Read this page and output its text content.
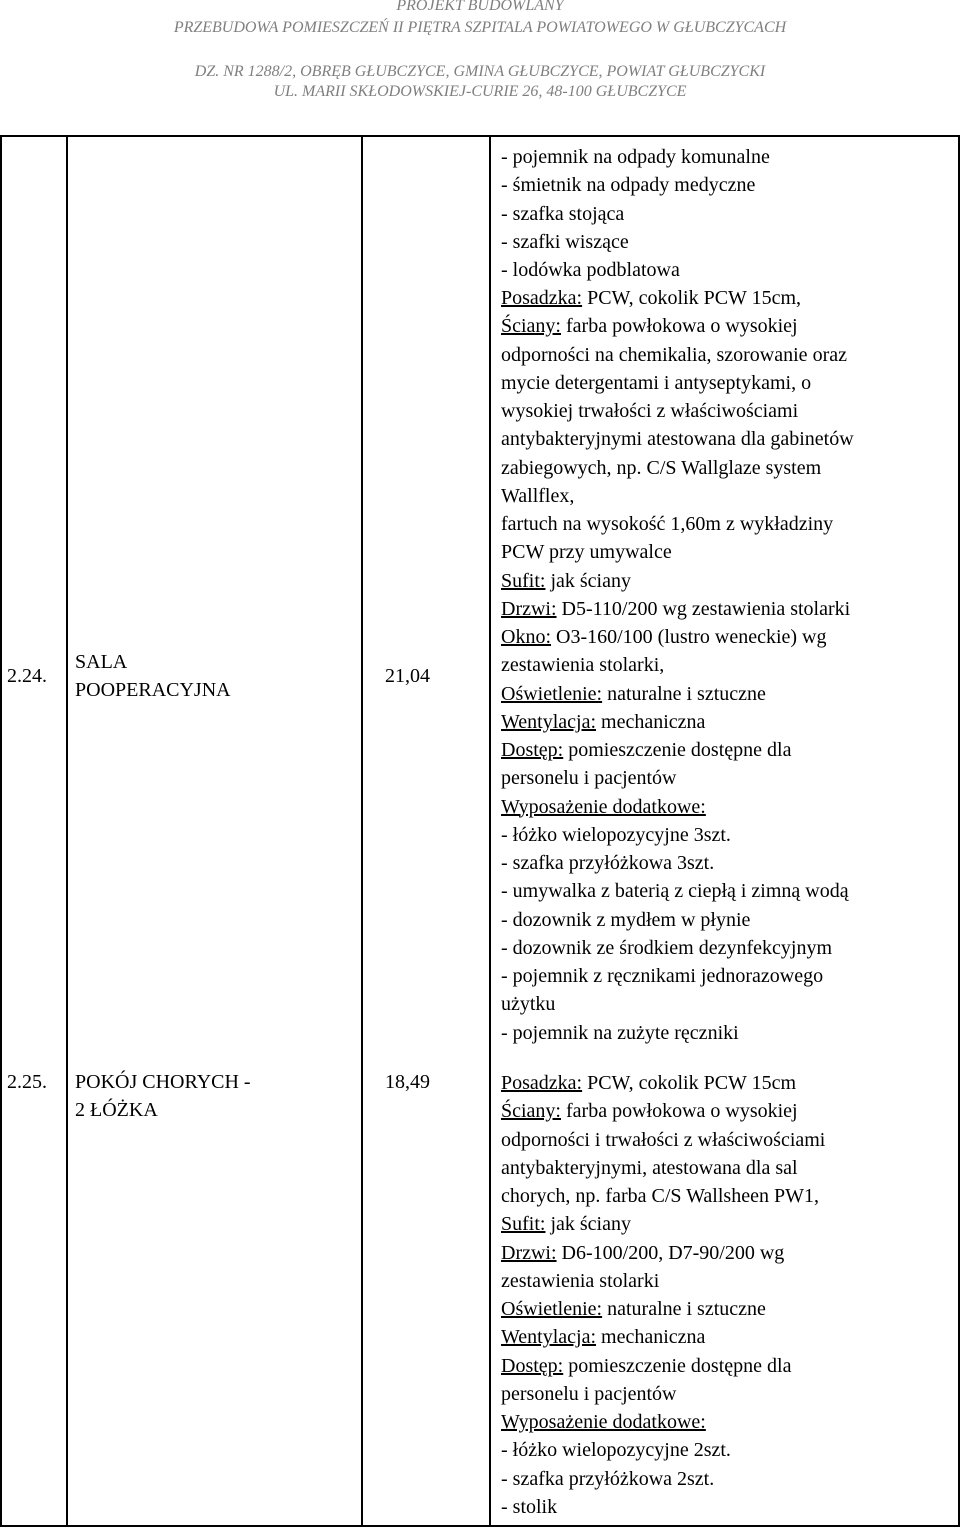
PROJEKT BUDOWLANY
PRZEBUDOWA POMIESZCZEŃ II PIĘTRA SZPITALA POWIATOWEGO W GŁUBCZYCACH
DZ. NR 1288/2, OBRĘB GŁUBCZYCE, GMINA GŁUBCZYCE, POWIAT GŁUBCZYCKI
UL. MARII SKŁODOWSKIEJ-CURIE 26, 48-100 GŁUBCZYCE
- pojemnik na odpady komunalne
- śmietnik na odpady medyczne
- szafka stojąca
- szafki wiszące
- lodówka podblatowa
2.24.
SALA
POOPERACYJNA
21,04
Posadzka: PCW, cokolik PCW 15cm,
Ściany: farba powłokowa o wysokiej
odporności na chemikalia, szorowanie oraz
mycie detergentami i antyseptykami, o
wysokiej trwałości z właściwościami
antybakteryjnymi atestowana dla gabinetów
zabiegowych, np. C/S Wallglaze system
Wallflex,
fartuch na wysokość 1,60m z wykładziny
PCW przy umywalce
Sufit: jak ściany
Drzwi: D5-110/200 wg zestawienia stolarki
Okno: O3-160/100 (lustro weneckie) wg
zestawienia stolarki,
Oświetlenie: naturalne i sztuczne
Wentylacja: mechaniczna
Dostęp: pomieszczenie dostępne dla
personelu i pacjentów
Wyposażenie dodatkowe:
- łóżko wielopozycyjne 3szt.
- szafka przyłóżkowa 3szt.
- umywalka z baterią z ciepłą i zimną wodą
- dozownik z mydłem w płynie
- dozownik ze środkiem dezynfekcyjnym
- pojemnik z ręcznikami jednorazowego
użytku
- pojemnik na zużyte ręczniki
2.25. POKÓJ CHORYCH -
2 ŁÓŻKA
18,49	Posadzka: PCW, cokolik PCW 15cm
Ściany: farba powłokowa o wysokiej
odporności i trwałości z właściwościami
antybakteryjnymi, atestowana dla sal
chorych, np. farba C/S Wallsheen PW1,
Sufit: jak ściany
Drzwi: D6-100/200, D7-90/200 wg
zestawienia stolarki
Oświetlenie: naturalne i sztuczne
Wentylacja: mechaniczna
Dostęp: pomieszczenie dostępne dla
personelu i pacjentów
Wyposażenie dodatkowe:
- łóżko wielopozycyjne 2szt.
- szafka przyłóżkowa 2szt.
- stolik
